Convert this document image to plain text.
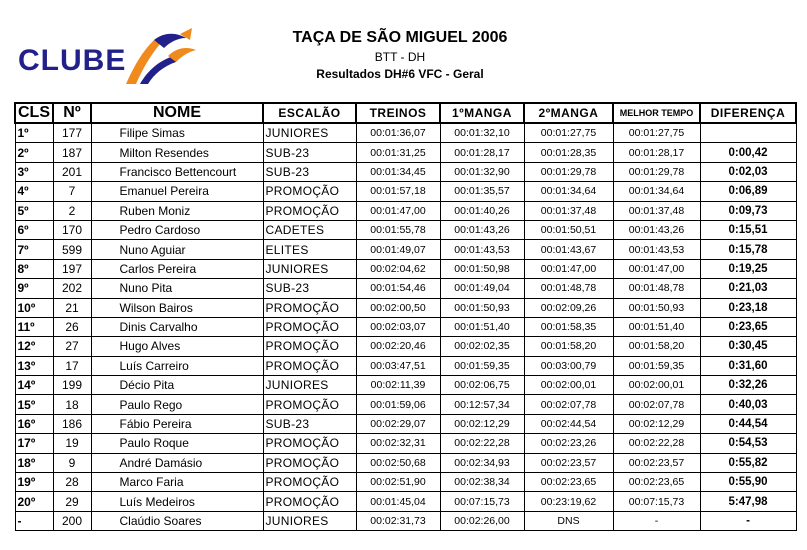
CLUBE
TAÇA DE SÃO MIGUEL 2006
BTT - DH
Resultados DH#6 VFC - Geral
CLS	Nº	NOME	ESCALÃO	TREINOS	1ºMANGA	2ºMANGA	MELHOR TEMPO	DIFERENÇA
1º	177	Filipe Simas	JUNIORES	00:01:36,07	00:01:32,10	00:01:27,75	00:01:27,75	
2º	187	Milton Resendes	SUB-23	00:01:31,25	00:01:28,17	00:01:28,35	00:01:28,17	0:00,42
3º	201	Francisco Bettencourt	SUB-23	00:01:34,45	00:01:32,90	00:01:29,78	00:01:29,78	0:02,03
4º	7	Emanuel Pereira	PROMOÇÃO	00:01:57,18	00:01:35,57	00:01:34,64	00:01:34,64	0:06,89
5º	2	Ruben Moniz	PROMOÇÃO	00:01:47,00	00:01:40,26	00:01:37,48	00:01:37,48	0:09,73
6º	170	Pedro Cardoso	CADETES	00:01:55,78	00:01:43,26	00:01:50,51	00:01:43,26	0:15,51
7º	599	Nuno Aguiar	ELITES	00:01:49,07	00:01:43,53	00:01:43,67	00:01:43,53	0:15,78
8º	197	Carlos Pereira	JUNIORES	00:02:04,62	00:01:50,98	00:01:47,00	00:01:47,00	0:19,25
9º	202	Nuno Pita	SUB-23	00:01:54,46	00:01:49,04	00:01:48,78	00:01:48,78	0:21,03
10º	21	Wilson Bairos	PROMOÇÃO	00:02:00,50	00:01:50,93	00:02:09,26	00:01:50,93	0:23,18
11º	26	Dinis Carvalho	PROMOÇÃO	00:02:03,07	00:01:51,40	00:01:58,35	00:01:51,40	0:23,65
12º	27	Hugo Alves	PROMOÇÃO	00:02:20,46	00:02:02,35	00:01:58,20	00:01:58,20	0:30,45
13º	17	Luís Carreiro	PROMOÇÃO	00:03:47,51	00:01:59,35	00:03:00,79	00:01:59,35	0:31,60
14º	199	Décio Pita	JUNIORES	00:02:11,39	00:02:06,75	00:02:00,01	00:02:00,01	0:32,26
15º	18	Paulo Rego	PROMOÇÃO	00:01:59,06	00:12:57,34	00:02:07,78	00:02:07,78	0:40,03
16º	186	Fábio Pereira	SUB-23	00:02:29,07	00:02:12,29	00:02:44,54	00:02:12,29	0:44,54
17º	19	Paulo Roque	PROMOÇÃO	00:02:32,31	00:02:22,28	00:02:23,26	00:02:22,28	0:54,53
18º	9	André Damásio	PROMOÇÃO	00:02:50,68	00:02:34,93	00:02:23,57	00:02:23,57	0:55,82
19º	28	Marco Faria	PROMOÇÃO	00:02:51,90	00:02:38,34	00:02:23,65	00:02:23,65	0:55,90
20º	29	Luís Medeiros	PROMOÇÃO	00:01:45,04	00:07:15,73	00:23:19,62	00:07:15,73	5:47,98
-	200	Claúdio Soares	JUNIORES	00:02:31,73	00:02:26,00	DNS	-	-
